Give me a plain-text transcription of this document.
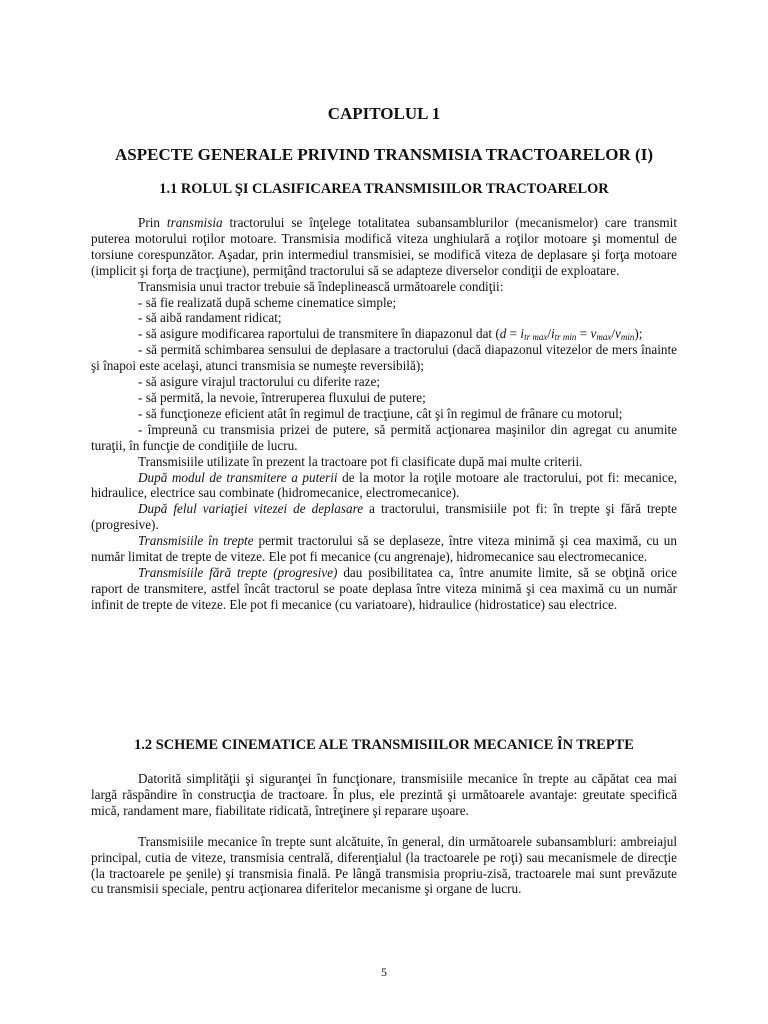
CAPITOLUL 1
ASPECTE GENERALE PRIVIND TRANSMISIA TRACTOARELOR (I)
1.1 ROLUL ŞI CLASIFICAREA TRANSMISIILOR TRACTOARELOR

Prin transmisia tractorului se înţelege totalitatea subansamblurilor (mecanismelor) care transmit puterea motorului roţilor motoare. Transmisia modifică viteza unghiulară a roţilor motoare şi momentul de torsiune corespunzător. Aşadar, prin intermediul transmisiei, se modifică viteza de deplasare şi forţa motoare (implicit şi forţa de tracţiune), permiţând tractorului să se adapteze diverselor condiţii de exploatare.

Transmisia unui tractor trebuie să îndeplinească următoarele condiţii:

- să fie realizată după scheme cinematice simple;

- să aibă randament ridicat;

- să asigure modificarea raportului de transmitere în diapazonul dat $(d = i_{tr max}/i_{tr min} = v_{max}/v_{min})$;

- să permită schimbarea sensului de deplasare a tractorului (dacă diapazonul vitezelor de mers înainte şi înapoi este acelaşi, atunci transmisia se numeşte reversibilă);

- să asigure virajul tractorului cu diferite raze;

- să permită, la nevoie, întreruperea fluxului de putere;

- să funcţioneze eficient atât în regimul de tracţiune, cât şi în regimul de frânare cu motorul;

- împreună cu transmisia prizei de putere, să permită acţionarea maşinilor din agregat cu anumite turaţii, în funcţie de condiţiile de lucru.

Transmisiile utilizate în prezent la tractoare pot fi clasificate după mai multe criterii.

După modul de transmitere a puterii de la motor la roţile motoare ale tractorului, pot fi: mecanice, hidraulice, electrice sau combinate (hidromecanice, electromecanice).

După felul variaţiei vitezei de deplasare a tractorului, transmisiile pot fi: în trepte şi fără trepte (progresive).

Transmisiile în trepte permit tractorului să se deplaseze, între viteza minimă şi cea maximă, cu un număr limitat de trepte de viteze. Ele pot fi mecanice (cu angrenaje), hidromecanice sau electromecanice.

Transmisiile fără trepte (progresive) dau posibilitatea ca, între anumite limite, să se obţină orice raport de transmitere, astfel încât tractorul se poate deplasa între viteza minimă şi cea maximă cu un număr infinit de trepte de viteze. Ele pot fi mecanice (cu variatoare), hidraulice (hidrostatice) sau electrice.

1.2 SCHEME CINEMATICE ALE TRANSMISIILOR MECANICE ÎN TREPTE

Datorită simplităţii şi siguranţei în funcţionare, transmisiile mecanice în trepte au căpătat cea mai largă răspândire în construcţia de tractoare. În plus, ele prezintă şi următoarele avantaje: greutate specifică mică, randament mare, fiabilitate ridicată, întreţinere şi reparare uşoare.

Transmisiile mecanice în trepte sunt alcătuite, în general, din următoarele subansambluri: ambreiajul principal, cutia de viteze, transmisia centrală, diferenţialul (la tractoarele pe roţi) sau mecanismele de direcţie (la tractoarele pe şenile) şi transmisia finală. Pe lângă transmisia propriu-zisă, tractoarele mai sunt prevăzute cu transmisii speciale, pentru acţionarea diferitelor mecanisme şi organe de lucru.

5
